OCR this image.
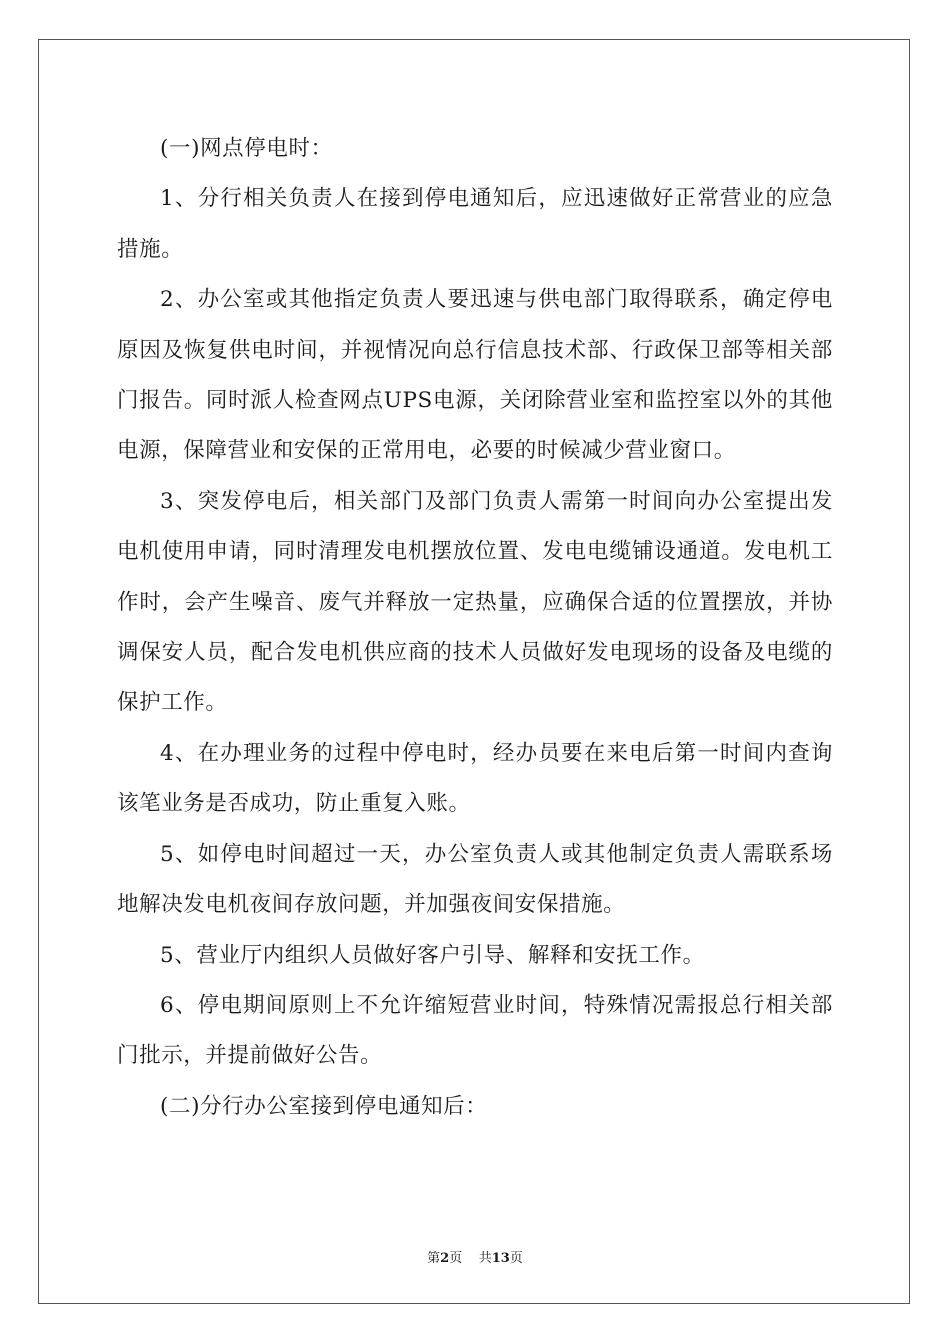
(一)网点停电时：

1、分行相关负责人在接到停电通知后，应迅速做好正常营业的应急措施。

2、办公室或其他指定负责人要迅速与供电部门取得联系，确定停电原因及恢复供电时间，并视情况向总行信息技术部、行政保卫部等相关部门报告。同时派人检查网点UPS电源，关闭除营业室和监控室以外的其他电源，保障营业和安保的正常用电，必要的时候减少营业窗口。

3、突发停电后，相关部门及部门负责人需第一时间向办公室提出发电机使用申请，同时清理发电机摆放位置、发电电缆铺设通道。发电机工作时，会产生噪音、废气并释放一定热量，应确保合适的位置摆放，并协调保安人员，配合发电机供应商的技术人员做好发电现场的设备及电缆的保护工作。

4、在办理业务的过程中停电时，经办员要在来电后第一时间内查询该笔业务是否成功，防止重复入账。

5、如停电时间超过一天，办公室负责人或其他制定负责人需联系场地解决发电机夜间存放问题，并加强夜间安保措施。

5、营业厅内组织人员做好客户引导、解释和安抚工作。

6、停电期间原则上不允许缩短营业时间，特殊情况需报总行相关部门批示，并提前做好公告。

(二)分行办公室接到停电通知后：

第2页 共13页
